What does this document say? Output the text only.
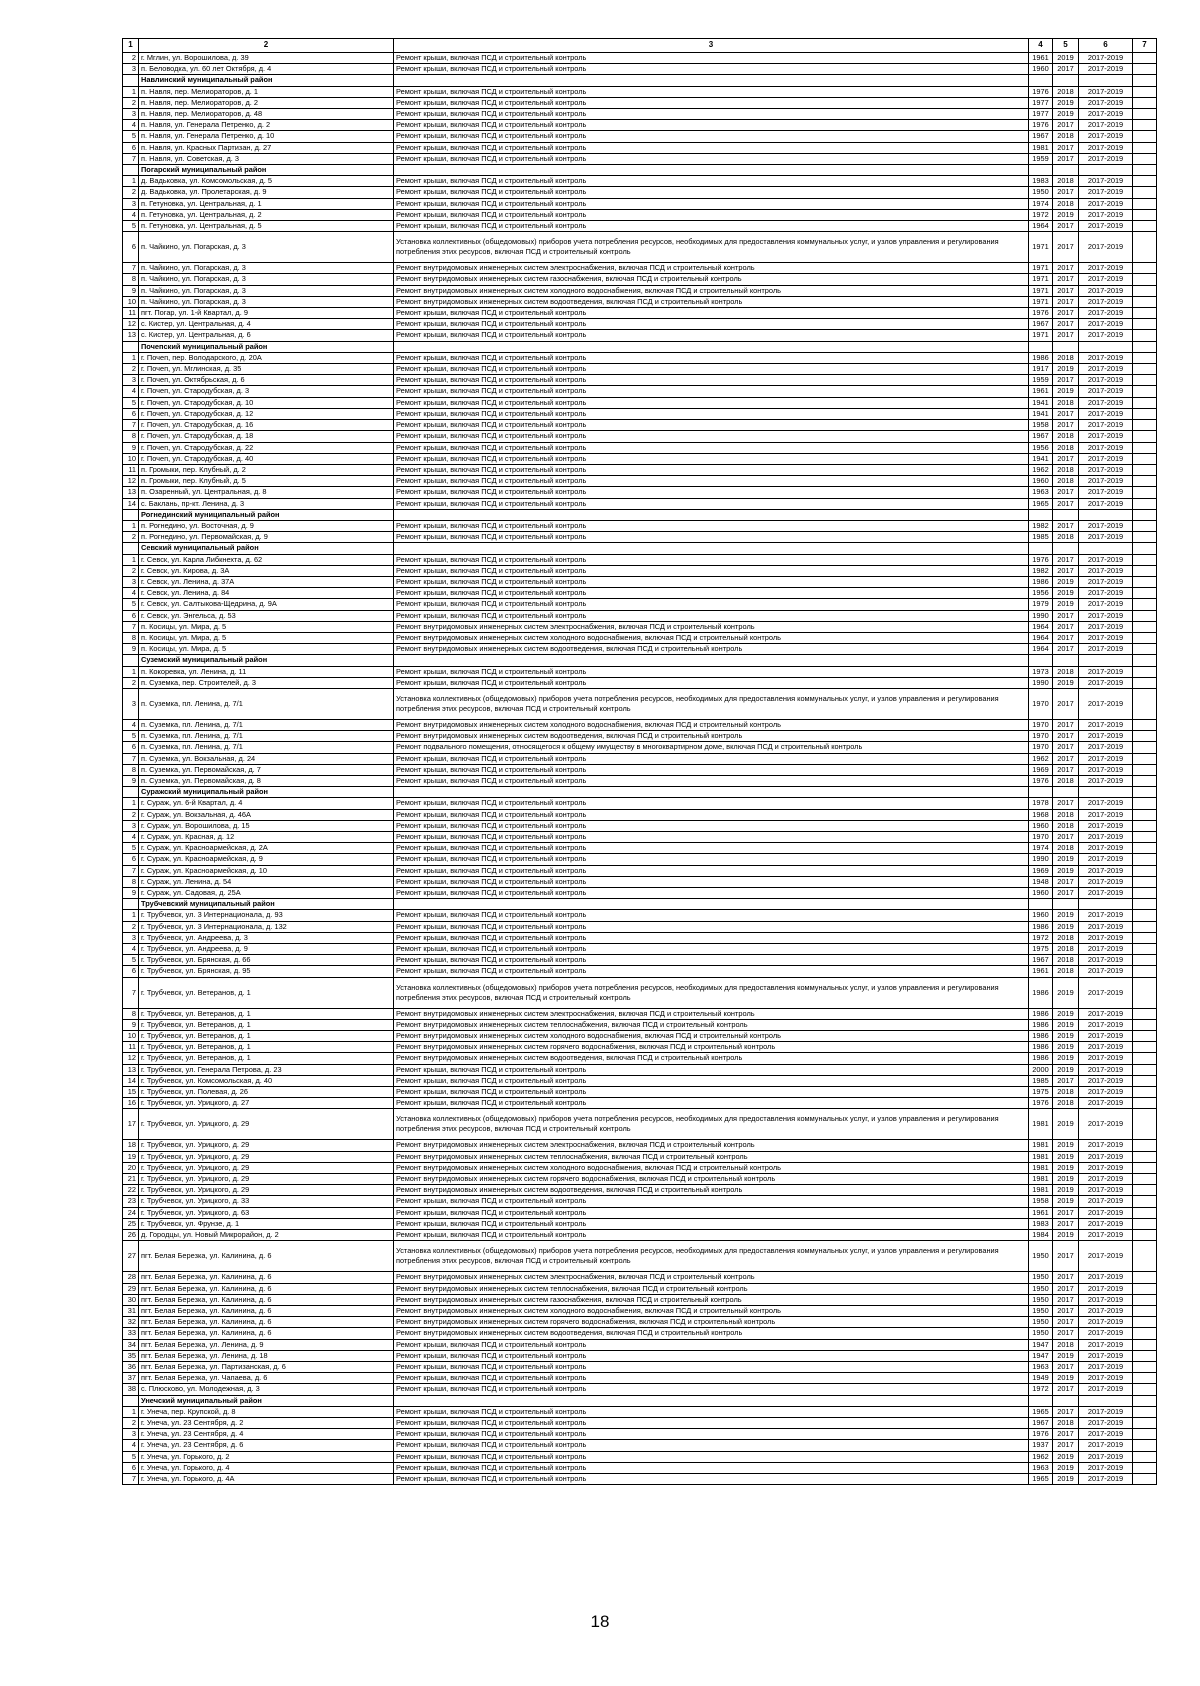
1	2	3	4	5	6	7
2	г. Мглин, ул. Ворошилова, д. 39	Ремонт крыши, включая ПСД и строительный контроль	1961	2019	2017-2019	
3	п. Беловодка, ул. 60 лет Октября, д. 4	Ремонт крыши, включая ПСД и строительный контроль	1960	2017	2017-2019	
	Навлинский муниципальный район					
1	п. Навля, пер. Мелиораторов, д. 1	Ремонт крыши, включая ПСД и строительный контроль	1976	2018	2017-2019	
2	п. Навля, пер. Мелиораторов, д. 2	Ремонт крыши, включая ПСД и строительный контроль	1977	2019	2017-2019	
3	п. Навля, пер. Мелиораторов, д. 48	Ремонт крыши, включая ПСД и строительный контроль	1977	2019	2017-2019	
4	п. Навля, ул. Генерала Петренко, д. 2	Ремонт крыши, включая ПСД и строительный контроль	1976	2017	2017-2019	
5	п. Навля, ул. Генерала Петренко, д. 10	Ремонт крыши, включая ПСД и строительный контроль	1967	2018	2017-2019	
6	п. Навля, ул. Красных Партизан, д. 27	Ремонт крыши, включая ПСД и строительный контроль	1981	2017	2017-2019	
7	п. Навля, ул. Советская, д. 3	Ремонт крыши, включая ПСД и строительный контроль	1959	2017	2017-2019	
	Погарский муниципальный район					
1	д. Вадьковка, ул. Комсомольская, д. 5	Ремонт крыши, включая ПСД и строительный контроль	1983	2018	2017-2019	
2	д. Вадьковка, ул. Пролетарская, д. 9	Ремонт крыши, включая ПСД и строительный контроль	1950	2017	2017-2019	
3	п. Гетуновка, ул. Центральная, д. 1	Ремонт крыши, включая ПСД и строительный контроль	1974	2018	2017-2019	
4	п. Гетуновка, ул. Центральная, д. 2	Ремонт крыши, включая ПСД и строительный контроль	1972	2019	2017-2019	
5	п. Гетуновка, ул. Центральная, д. 5	Ремонт крыши, включая ПСД и строительный контроль	1964	2017	2017-2019	
6	п. Чайкино, ул. Погарская, д. 3	Установка коллективных (общедомовых) приборов учета потребления ресурсов, необходимых для предоставления коммунальных услуг, и узлов управления и регулирования потребления этих ресурсов, включая ПСД и строительный контроль	1971	2017	2017-2019	
7	п. Чайкино, ул. Погарская, д. 3	Ремонт внутридомовых инженерных систем электроснабжения, включая ПСД и строительный контроль	1971	2017	2017-2019	
8	п. Чайкино, ул. Погарская, д. 3	Ремонт внутридомовых инженерных систем газоснабжения, включая ПСД и строительный контроль	1971	2017	2017-2019	
9	п. Чайкино, ул. Погарская, д. 3	Ремонт внутридомовых инженерных систем холодного водоснабжения, включая ПСД и строительный контроль	1971	2017	2017-2019	
10	п. Чайкино, ул. Погарская, д. 3	Ремонт внутридомовых инженерных систем водоотведения, включая ПСД и строительный контроль	1971	2017	2017-2019	
11	пгт. Погар, ул. 1-й Квартал, д. 9	Ремонт крыши, включая ПСД и строительный контроль	1976	2017	2017-2019	
12	с. Кистер, ул. Центральная, д. 4	Ремонт крыши, включая ПСД и строительный контроль	1967	2017	2017-2019	
13	с. Кистер, ул. Центральная, д. 6	Ремонт крыши, включая ПСД и строительный контроль	1971	2017	2017-2019	
	Почепский муниципальный район					
1	г. Почеп, пер. Володарского, д. 20А	Ремонт крыши, включая ПСД и строительный контроль	1986	2018	2017-2019	
2	г. Почеп, ул. Мглинская, д. 35	Ремонт крыши, включая ПСД и строительный контроль	1917	2019	2017-2019	
3	г. Почеп, ул. Октябрьская, д. 6	Ремонт крыши, включая ПСД и строительный контроль	1959	2017	2017-2019	
4	г. Почеп, ул. Стародубская, д. 3	Ремонт крыши, включая ПСД и строительный контроль	1961	2019	2017-2019	
5	г. Почеп, ул. Стародубская, д. 10	Ремонт крыши, включая ПСД и строительный контроль	1941	2018	2017-2019	
6	г. Почеп, ул. Стародубская, д. 12	Ремонт крыши, включая ПСД и строительный контроль	1941	2017	2017-2019	
7	г. Почеп, ул. Стародубская, д. 16	Ремонт крыши, включая ПСД и строительный контроль	1958	2017	2017-2019	
8	г. Почеп, ул. Стародубская, д. 18	Ремонт крыши, включая ПСД и строительный контроль	1967	2018	2017-2019	
9	г. Почеп, ул. Стародубская, д. 22	Ремонт крыши, включая ПСД и строительный контроль	1956	2018	2017-2019	
10	г. Почеп, ул. Стародубская, д. 40	Ремонт крыши, включая ПСД и строительный контроль	1941	2017	2017-2019	
11	п. Громыки, пер. Клубный, д. 2	Ремонт крыши, включая ПСД и строительный контроль	1962	2018	2017-2019	
12	п. Громыки, пер. Клубный, д. 5	Ремонт крыши, включая ПСД и строительный контроль	1960	2018	2017-2019	
13	п. Озаренный, ул. Центральная, д. 8	Ремонт крыши, включая ПСД и строительный контроль	1963	2017	2017-2019	
14	с. Баклань, пр-кт. Ленина, д. 3	Ремонт крыши, включая ПСД и строительный контроль	1965	2017	2017-2019	
	Рогнединский муниципальный район					
1	п. Рогнедино, ул. Восточная, д. 9	Ремонт крыши, включая ПСД и строительный контроль	1982	2017	2017-2019	
2	п. Рогнедино, ул. Первомайская, д. 9	Ремонт крыши, включая ПСД и строительный контроль	1985	2018	2017-2019	
	Севский муниципальный район					
1	г. Севск, ул. Карла Либкнехта, д. 62	Ремонт крыши, включая ПСД и строительный контроль	1976	2017	2017-2019	
2	г. Севск, ул. Кирова, д. 3А	Ремонт крыши, включая ПСД и строительный контроль	1982	2017	2017-2019	
3	г. Севск, ул. Ленина, д. 37А	Ремонт крыши, включая ПСД и строительный контроль	1986	2019	2017-2019	
4	г. Севск, ул. Ленина, д. 84	Ремонт крыши, включая ПСД и строительный контроль	1956	2019	2017-2019	
5	г. Севск, ул. Салтыкова-Щедрина, д. 9А	Ремонт крыши, включая ПСД и строительный контроль	1979	2019	2017-2019	
6	г. Севск, ул. Энгельса, д. 53	Ремонт крыши, включая ПСД и строительный контроль	1990	2017	2017-2019	
7	п. Косицы, ул. Мира, д. 5	Ремонт внутридомовых инженерных систем электроснабжения, включая ПСД и строительный контроль	1964	2017	2017-2019	
8	п. Косицы, ул. Мира, д. 5	Ремонт внутридомовых инженерных систем холодного водоснабжения, включая ПСД и строительный контроль	1964	2017	2017-2019	
9	п. Косицы, ул. Мира, д. 5	Ремонт внутридомовых инженерных систем водоотведения, включая ПСД и строительный контроль	1964	2017	2017-2019	
	Суземский муниципальный район					
1	п. Кокоревка, ул. Ленина, д. 11	Ремонт крыши, включая ПСД и строительный контроль	1973	2018	2017-2019	
2	п. Суземка, пер. Строителей, д. 3	Ремонт крыши, включая ПСД и строительный контроль	1990	2019	2017-2019	
3	п. Суземка, пл. Ленина, д. 7/1	Установка коллективных (общедомовых) приборов учета потребления ресурсов, необходимых для предоставления коммунальных услуг, и узлов управления и регулирования потребления этих ресурсов, включая ПСД и строительный контроль	1970	2017	2017-2019	
4	п. Суземка, пл. Ленина, д. 7/1	Ремонт внутридомовых инженерных систем холодного водоснабжения, включая ПСД и строительный контроль	1970	2017	2017-2019	
5	п. Суземка, пл. Ленина, д. 7/1	Ремонт внутридомовых инженерных систем водоотведения, включая ПСД и строительный контроль	1970	2017	2017-2019	
6	п. Суземка, пл. Ленина, д. 7/1	Ремонт подвального помещения, относящегося к общему имуществу в многоквартирном доме, включая ПСД и строительный контроль	1970	2017	2017-2019	
7	п. Суземка, ул. Вокзальная, д. 24	Ремонт крыши, включая ПСД и строительный контроль	1962	2017	2017-2019	
8	п. Суземка, ул. Первомайская, д. 7	Ремонт крыши, включая ПСД и строительный контроль	1969	2017	2017-2019	
9	п. Суземка, ул. Первомайская, д. 8	Ремонт крыши, включая ПСД и строительный контроль	1976	2018	2017-2019	
	Суражский муниципальный район					
1	г. Сураж, ул. 6-й Квартал, д. 4	Ремонт крыши, включая ПСД и строительный контроль	1978	2017	2017-2019	
2	г. Сураж, ул. Вокзальная, д. 46А	Ремонт крыши, включая ПСД и строительный контроль	1968	2018	2017-2019	
3	г. Сураж, ул. Ворошилова, д. 15	Ремонт крыши, включая ПСД и строительный контроль	1960	2018	2017-2019	
4	г. Сураж, ул. Красная, д. 12	Ремонт крыши, включая ПСД и строительный контроль	1970	2017	2017-2019	
5	г. Сураж, ул. Красноармейская, д. 2А	Ремонт крыши, включая ПСД и строительный контроль	1974	2018	2017-2019	
6	г. Сураж, ул. Красноармейская, д. 9	Ремонт крыши, включая ПСД и строительный контроль	1990	2019	2017-2019	
7	г. Сураж, ул. Красноармейская, д. 10	Ремонт крыши, включая ПСД и строительный контроль	1969	2019	2017-2019	
8	г. Сураж, ул. Ленина, д. 54	Ремонт крыши, включая ПСД и строительный контроль	1948	2017	2017-2019	
9	г. Сураж, ул. Садовая, д. 25А	Ремонт крыши, включая ПСД и строительный контроль	1960	2017	2017-2019	
	Трубчевский муниципальный район					
1	г. Трубчевск, ул. 3 Интернационала, д. 93	Ремонт крыши, включая ПСД и строительный контроль	1960	2019	2017-2019	
2	г. Трубчевск, ул. 3 Интернационала, д. 132	Ремонт крыши, включая ПСД и строительный контроль	1986	2019	2017-2019	
3	г. Трубчевск, ул. Андреева, д. 3	Ремонт крыши, включая ПСД и строительный контроль	1972	2018	2017-2019	
4	г. Трубчевск, ул. Андреева, д. 9	Ремонт крыши, включая ПСД и строительный контроль	1975	2018	2017-2019	
5	г. Трубчевск, ул. Брянская, д. 66	Ремонт крыши, включая ПСД и строительный контроль	1967	2018	2017-2019	
6	г. Трубчевск, ул. Брянская, д. 95	Ремонт крыши, включая ПСД и строительный контроль	1961	2018	2017-2019	
7	г. Трубчевск, ул. Ветеранов, д. 1	Установка коллективных (общедомовых) приборов учета потребления ресурсов, необходимых для предоставления коммунальных услуг, и узлов управления и регулирования потребления этих ресурсов, включая ПСД и строительный контроль	1986	2019	2017-2019	
8	г. Трубчевск, ул. Ветеранов, д. 1	Ремонт внутридомовых инженерных систем электроснабжения, включая ПСД и строительный контроль	1986	2019	2017-2019	
9	г. Трубчевск, ул. Ветеранов, д. 1	Ремонт внутридомовых инженерных систем теплоснабжения, включая ПСД и строительный контроль	1986	2019	2017-2019	
10	г. Трубчевск, ул. Ветеранов, д. 1	Ремонт внутридомовых инженерных систем холодного водоснабжения, включая ПСД и строительный контроль	1986	2019	2017-2019	
11	г. Трубчевск, ул. Ветеранов, д. 1	Ремонт внутридомовых инженерных систем горячего водоснабжения, включая ПСД и строительный контроль	1986	2019	2017-2019	
12	г. Трубчевск, ул. Ветеранов, д. 1	Ремонт внутридомовых инженерных систем водоотведения, включая ПСД и строительный контроль	1986	2019	2017-2019	
13	г. Трубчевск, ул. Генерала Петрова, д. 23	Ремонт крыши, включая ПСД и строительный контроль	2000	2019	2017-2019	
14	г. Трубчевск, ул. Комсомольская, д. 40	Ремонт крыши, включая ПСД и строительный контроль	1985	2017	2017-2019	
15	г. Трубчевск, ул. Полевая, д. 26	Ремонт крыши, включая ПСД и строительный контроль	1975	2018	2017-2019	
16	г. Трубчевск, ул. Урицкого, д. 27	Ремонт крыши, включая ПСД и строительный контроль	1976	2018	2017-2019	
17	г. Трубчевск, ул. Урицкого, д. 29	Установка коллективных (общедомовых) приборов учета потребления ресурсов, необходимых для предоставления коммунальных услуг, и узлов управления и регулирования потребления этих ресурсов, включая ПСД и строительный контроль	1981	2019	2017-2019	
18	г. Трубчевск, ул. Урицкого, д. 29	Ремонт внутридомовых инженерных систем электроснабжения, включая ПСД и строительный контроль	1981	2019	2017-2019	
19	г. Трубчевск, ул. Урицкого, д. 29	Ремонт внутридомовых инженерных систем теплоснабжения, включая ПСД и строительный контроль	1981	2019	2017-2019	
20	г. Трубчевск, ул. Урицкого, д. 29	Ремонт внутридомовых инженерных систем холодного водоснабжения, включая ПСД и строительный контроль	1981	2019	2017-2019	
21	г. Трубчевск, ул. Урицкого, д. 29	Ремонт внутридомовых инженерных систем горячего водоснабжения, включая ПСД и строительный контроль	1981	2019	2017-2019	
22	г. Трубчевск, ул. Урицкого, д. 29	Ремонт внутридомовых инженерных систем водоотведения, включая ПСД и строительный контроль	1981	2019	2017-2019	
23	г. Трубчевск, ул. Урицкого, д. 33	Ремонт крыши, включая ПСД и строительный контроль	1958	2019	2017-2019	
24	г. Трубчевск, ул. Урицкого, д. 63	Ремонт крыши, включая ПСД и строительный контроль	1961	2017	2017-2019	
25	г. Трубчевск, ул. Фрунзе, д. 1	Ремонт крыши, включая ПСД и строительный контроль	1983	2017	2017-2019	
26	д. Городцы, ул. Новый Микрорайон, д. 2	Ремонт крыши, включая ПСД и строительный контроль	1984	2019	2017-2019	
27	пгт. Белая Березка, ул. Калинина, д. 6	Установка коллективных (общедомовых) приборов учета потребления ресурсов, необходимых для предоставления коммунальных услуг, и узлов управления и регулирования потребления этих ресурсов, включая ПСД и строительный контроль	1950	2017	2017-2019	
28	пгт. Белая Березка, ул. Калинина, д. 6	Ремонт внутридомовых инженерных систем электроснабжения, включая ПСД и строительный контроль	1950	2017	2017-2019	
29	пгт. Белая Березка, ул. Калинина, д. 6	Ремонт внутридомовых инженерных систем теплоснабжения, включая ПСД и строительный контроль	1950	2017	2017-2019	
30	пгт. Белая Березка, ул. Калинина, д. 6	Ремонт внутридомовых инженерных систем газоснабжения, включая ПСД и строительный контроль	1950	2017	2017-2019	
31	пгт. Белая Березка, ул. Калинина, д. 6	Ремонт внутридомовых инженерных систем холодного водоснабжения, включая ПСД и строительный контроль	1950	2017	2017-2019	
32	пгт. Белая Березка, ул. Калинина, д. 6	Ремонт внутридомовых инженерных систем горячего водоснабжения, включая ПСД и строительный контроль	1950	2017	2017-2019	
33	пгт. Белая Березка, ул. Калинина, д. 6	Ремонт внутридомовых инженерных систем водоотведения, включая ПСД и строительный контроль	1950	2017	2017-2019	
34	пгт. Белая Березка, ул. Ленина, д. 9	Ремонт крыши, включая ПСД и строительный контроль	1947	2018	2017-2019	
35	пгт. Белая Березка, ул. Ленина, д. 18	Ремонт крыши, включая ПСД и строительный контроль	1947	2019	2017-2019	
36	пгт. Белая Березка, ул. Партизанская, д. 6	Ремонт крыши, включая ПСД и строительный контроль	1963	2017	2017-2019	
37	пгт. Белая Березка, ул. Чапаева, д. 6	Ремонт крыши, включая ПСД и строительный контроль	1949	2019	2017-2019	
38	с. Плюсково, ул. Молодежная, д. 3	Ремонт крыши, включая ПСД и строительный контроль	1972	2017	2017-2019	
	Унечский муниципальный район					
1	г. Унеча, пер. Крупской, д. 8	Ремонт крыши, включая ПСД и строительный контроль	1965	2017	2017-2019	
2	г. Унеча, ул. 23 Сентября, д. 2	Ремонт крыши, включая ПСД и строительный контроль	1967	2018	2017-2019	
3	г. Унеча, ул. 23 Сентября, д. 4	Ремонт крыши, включая ПСД и строительный контроль	1976	2017	2017-2019	
4	г. Унеча, ул. 23 Сентября, д. 6	Ремонт крыши, включая ПСД и строительный контроль	1937	2017	2017-2019	
5	г. Унеча, ул. Горького, д. 2	Ремонт крыши, включая ПСД и строительный контроль	1962	2019	2017-2019	
6	г. Унеча, ул. Горького, д. 4	Ремонт крыши, включая ПСД и строительный контроль	1963	2019	2017-2019	
7	г. Унеча, ул. Горького, д. 4А	Ремонт крыши, включая ПСД и строительный контроль	1965	2019	2017-2019	
18
